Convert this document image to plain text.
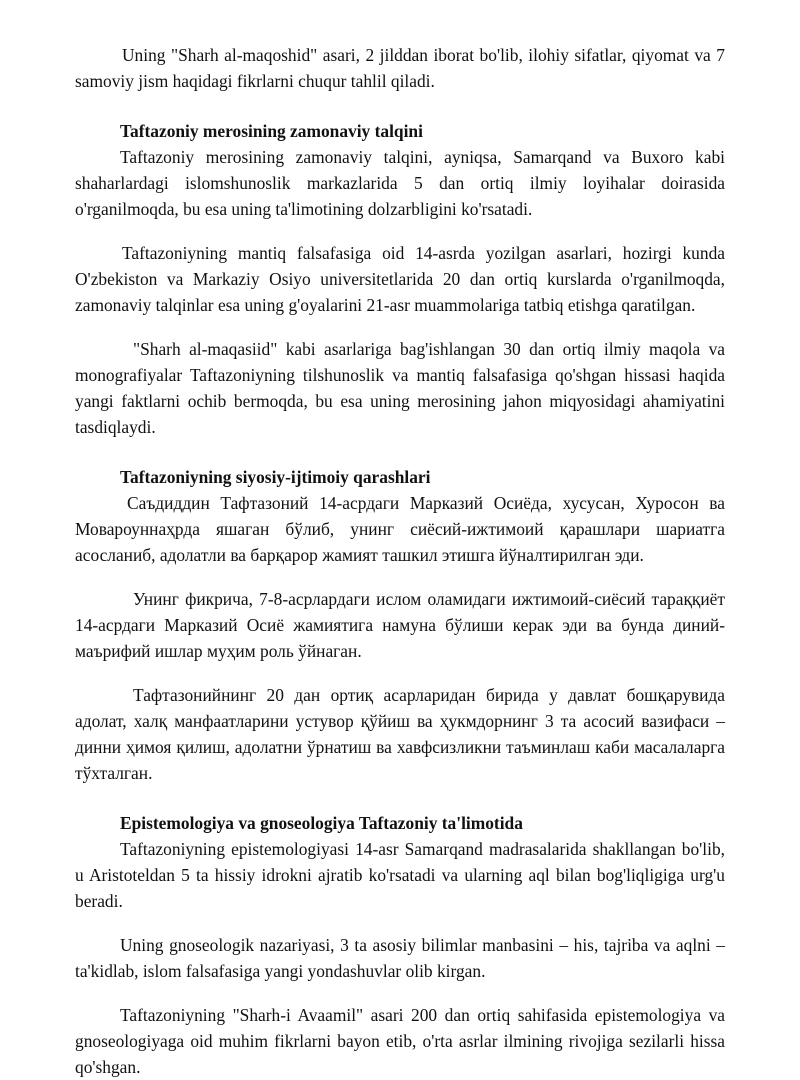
Uning "Sharh al-maqoshid" asari, 2 jilddan iborat bo'lib, ilohiy sifatlar, qiyomat va 7 samoviy jism haqidagi fikrlarni chuqur tahlil qiladi.

Taftazoniy merosining zamonaviy talqini

Taftazoniy merosining zamonaviy talqini, ayniqsa, Samarqand va Buxoro kabi shaharlardagi islomshunoslik markazlarida 5 dan ortiq ilmiy loyihalar doirasida o'rganilmoqda, bu esa uning ta'limotining dolzarbligini ko'rsatadi.

Taftazoniyning mantiq falsafasiga oid 14-asrda yozilgan asarlari, hozirgi kunda O'zbekiston va Markaziy Osiyo universitetlarida 20 dan ortiq kurslarda o'rganilmoqda, zamonaviy talqinlar esa uning g'oyalarini 21-asr muammolariga tatbiq etishga qaratilgan.

"Sharh al-maqasiid" kabi asarlariga bag'ishlangan 30 dan ortiq ilmiy maqola va monografiyalar Taftazoniyning tilshunoslik va mantiq falsafasiga qo'shgan hissasi haqida yangi faktlarni ochib bermoqda, bu esa uning merosining jahon miqyosidagi ahamiyatini tasdiqlaydi.

Taftazoniyning siyosiy-ijtimoiy qarashlari

Саъдиддин Тафтазоний 14-асрдаги Марказий Осиёда, хусусан, Хуросон ва Мовароуннаҳрда яшаган бўлиб, унинг сиёсий-ижтимоий қарашлари шариатга асосланиб, адолатли ва барқарор жамият ташкил этишга йўналтирилган эди.

Унинг фикрича, 7-8-асрлардаги ислом оламидаги ижтимоий-сиёсий тараққиёт 14-асрдаги Марказий Осиё жамиятига намуна бўлиши керак эди ва бунда диний-маърифий ишлар муҳим роль ўйнаган.

Тафтазонийнинг 20 дан ортиқ асарларидан бирида у давлат бошқарувида адолат, халқ манфаатларини устувор қўйиш ва ҳукмдорнинг 3 та асосий вазифаси – динни ҳимоя қилиш, адолатни ўрнатиш ва хавфсизликни таъминлаш каби масалаларга тўхталган.

Epistemologiya va gnoseologiya Taftazoniy ta'limotida

Taftazoniyning epistemologiyasi 14-asr Samarqand madrasalarida shakllangan bo'lib, u Aristoteldan 5 ta hissiy idrokni ajratib ko'rsatadi va ularning aql bilan bog'liqligiga urg'u beradi.

Uning gnoseologik nazariyasi, 3 ta asosiy bilimlar manbasini – his, tajriba va aqlni – ta'kidlab, islom falsafasiga yangi yondashuvlar olib kirgan.

Taftazoniyning "Sharh-i Avaamil" asari 200 dan ortiq sahifasida epistemologiya va gnoseologiyaga oid muhim fikrlarni bayon etib, o'rta asrlar ilmining rivojiga sezilarli hissa qo'shgan.
